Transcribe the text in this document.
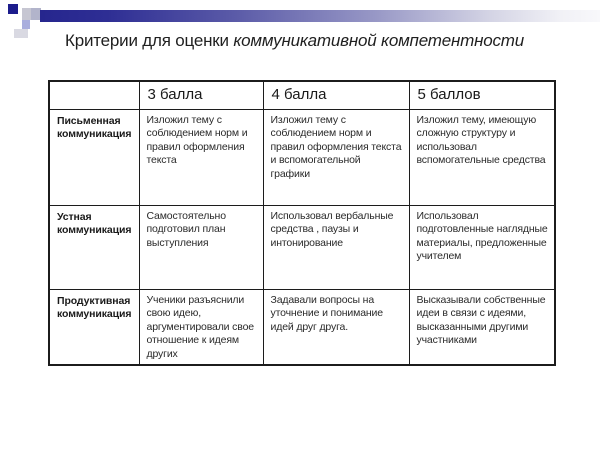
Критерии для оценки коммуникативной компетентности
	3 балла	4 балла	5 баллов
Письменная коммуникация	Изложил тему с соблюдением норм и правил оформления текста	Изложил тему с соблюдением норм и правил оформления текста и вспомогательной графики	Изложил тему, имеющую сложную структуру и использовал вспомогательные средства
Устная коммуникация	Самостоятельно подготовил план выступления	Использовал вербальные средства , паузы и интонирование	Использовал подготовленные наглядные материалы, предложенные учителем
Продуктивная коммуникация	Ученики разъяснили свою идею, аргументировали свое отношение к идеям других	Задавали вопросы на уточнение и понимание идей друг друга.	Высказывали собственные идеи в связи с идеями, высказанными другими участниками
